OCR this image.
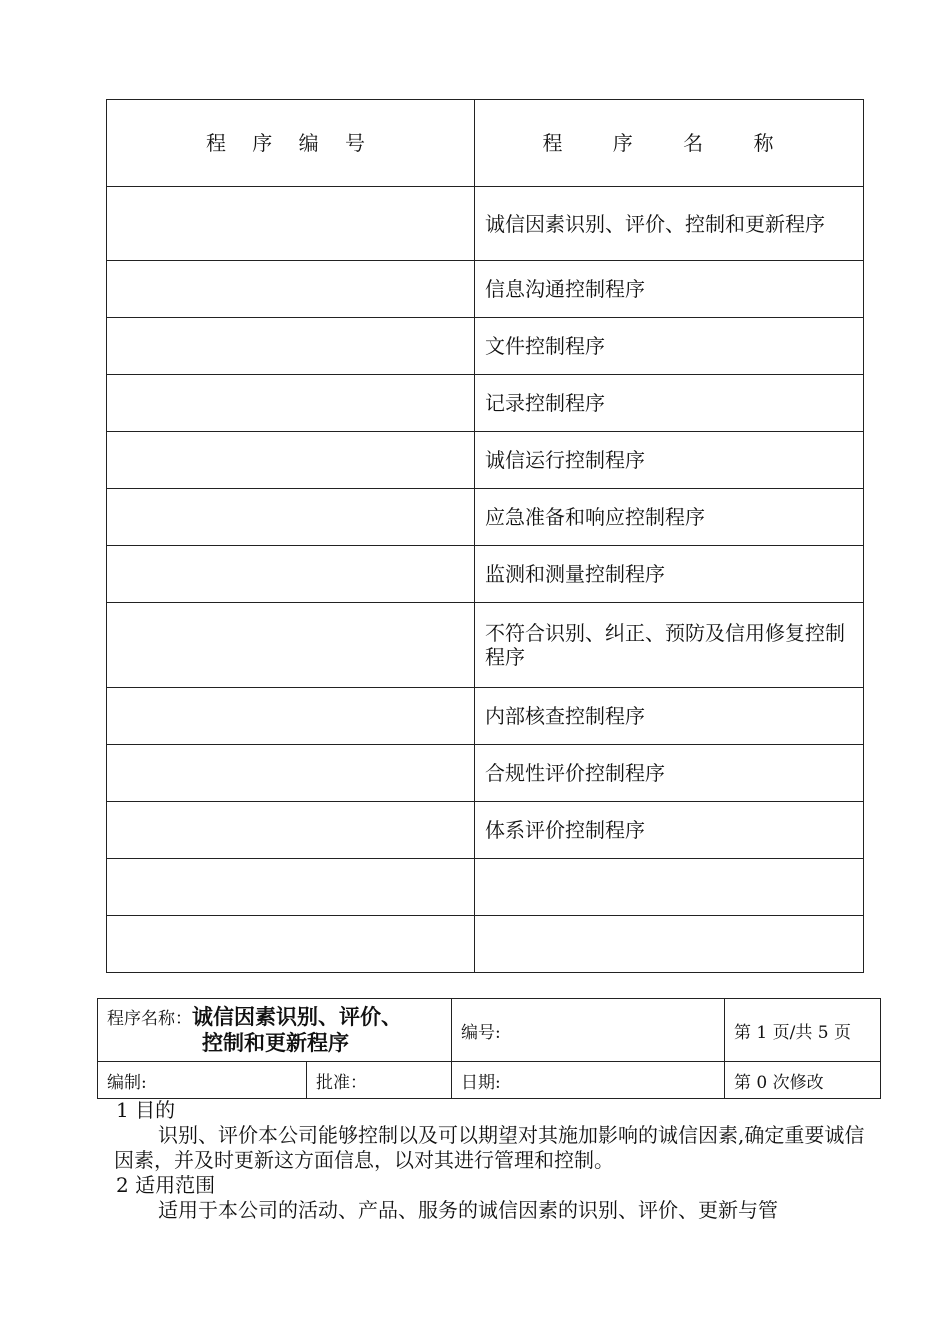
程 序 编 号	程 序 名 称
	诚信因素识别、评价、控制和更新程序
	信息沟通控制程序
	文件控制程序
	记录控制程序
	诚信运行控制程序
	应急准备和响应控制程序
	监测和测量控制程序
	不符合识别、纠正、预防及信用修复控制程序
	内部核查控制程序
	合规性评价控制程序
	体系评价控制程序

程序名称：诚信因素识别、评价、
控制和更新程序		编号:	第 1 页/共 5 页
编制:	批准：	日期:	第 0 次修改

1 目的

识别、评价本公司能够控制以及可以期望对其施加影响的诚信因素,确定重要诚信因素，并及时更新这方面信息，以对其进行管理和控制。

2 适用范围

适用于本公司的活动、产品、服务的诚信因素的识别、评价、更新与管
